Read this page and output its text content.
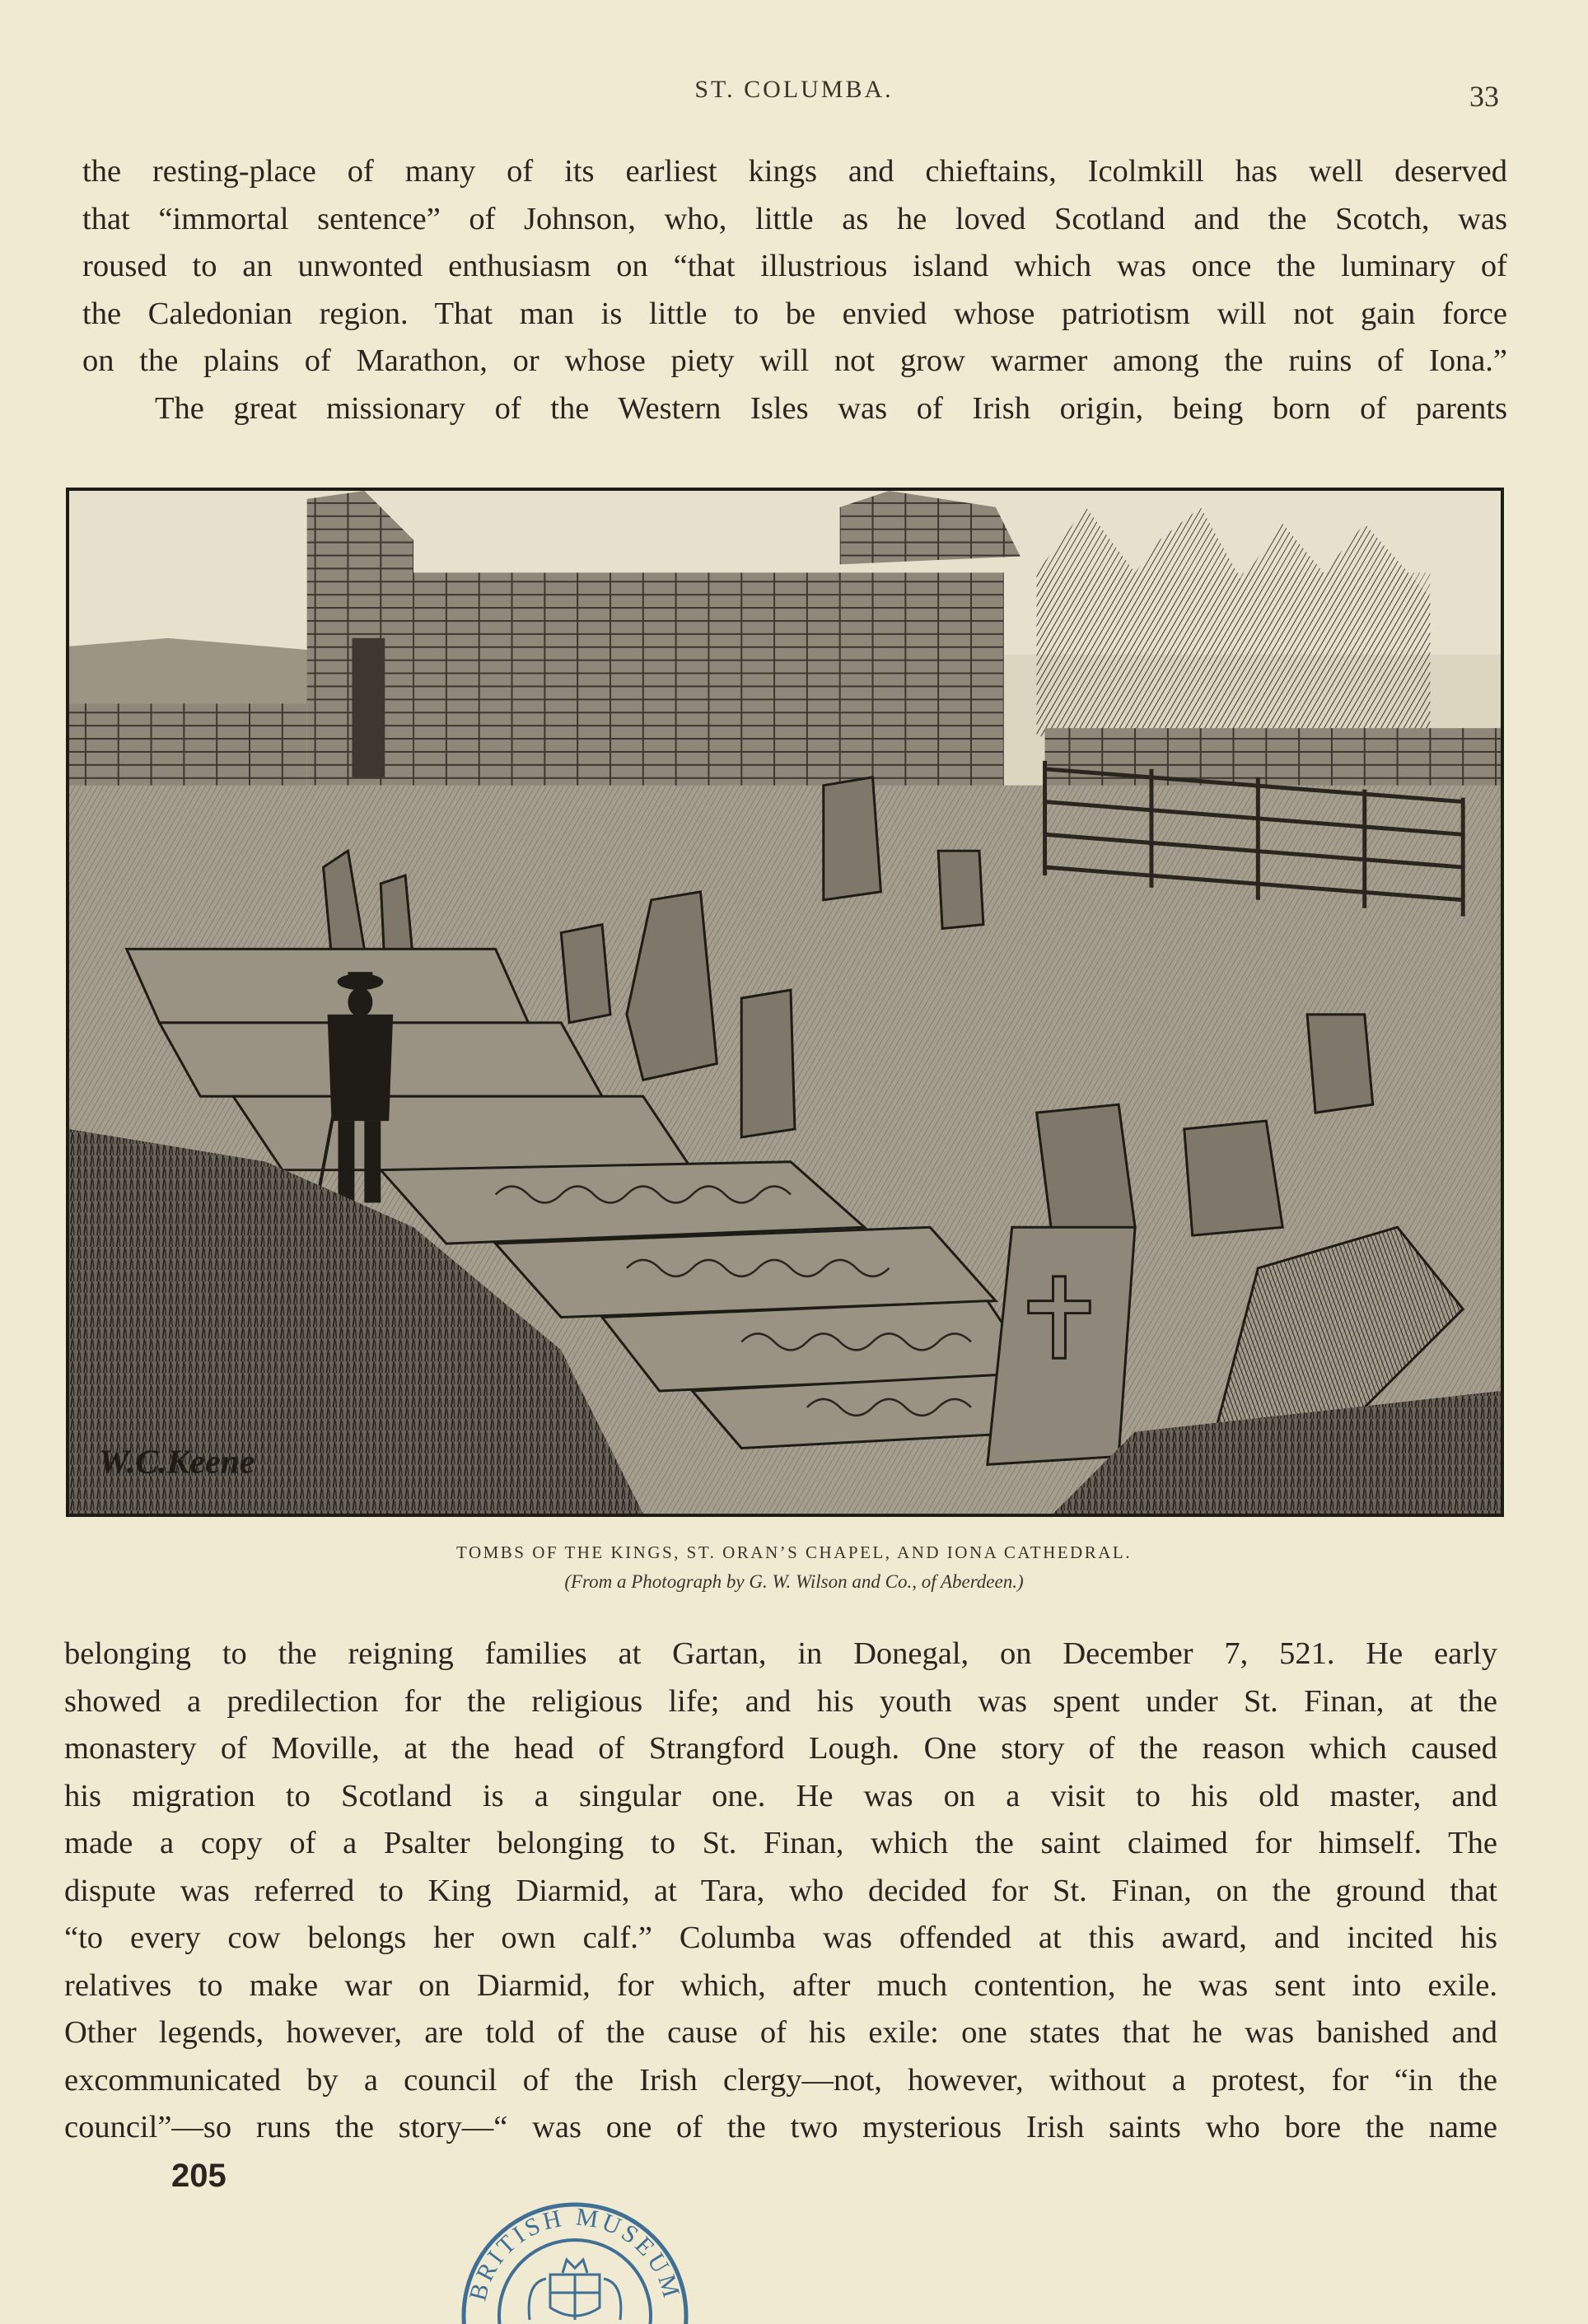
ST. COLUMBA.	33

the resting-place of many of its earliest kings and chieftains, Icolmkill has well deserved
that “immortal sentence” of Johnson, who, little as he loved Scotland and the Scotch, was
roused to an unwonted enthusiasm on “that illustrious island which was once the luminary of
the Caledonian region. That man is little to be envied whose patriotism will not gain force
on the plains of Marathon, or whose piety will not grow warmer among the ruins of Iona.”
The great missionary of the Western Isles was of Irish origin, being born of parents

W.C.Keene
TOMBS OF THE KINGS, ST. ORAN’S CHAPEL, AND IONA CATHEDRAL.
(From a Photograph by G. W. Wilson and Co., of Aberdeen.)

belonging to the reigning families at Gartan, in Donegal, on December 7, 521. He early
showed a predilection for the religious life; and his youth was spent under St. Finan, at the
monastery of Moville, at the head of Strangford Lough. One story of the reason which caused
his migration to Scotland is a singular one. He was on a visit to his old master, and
made a copy of a Psalter belonging to St. Finan, which the saint claimed for himself. The
dispute was referred to King Diarmid, at Tara, who decided for St. Finan, on the ground that
“to every cow belongs her own calf.” Columba was offended at this award, and incited his
relatives to make war on Diarmid, for which, after much contention, he was sent into exile.
Other legends, however, are told of the cause of his exile: one states that he was banished and
excommunicated by a council of the Irish clergy—not, however, without a protest, for “in the
council”—so runs the story—“ was one of the two mysterious Irish saints who bore the name

205
BRITISH MUSEUM
